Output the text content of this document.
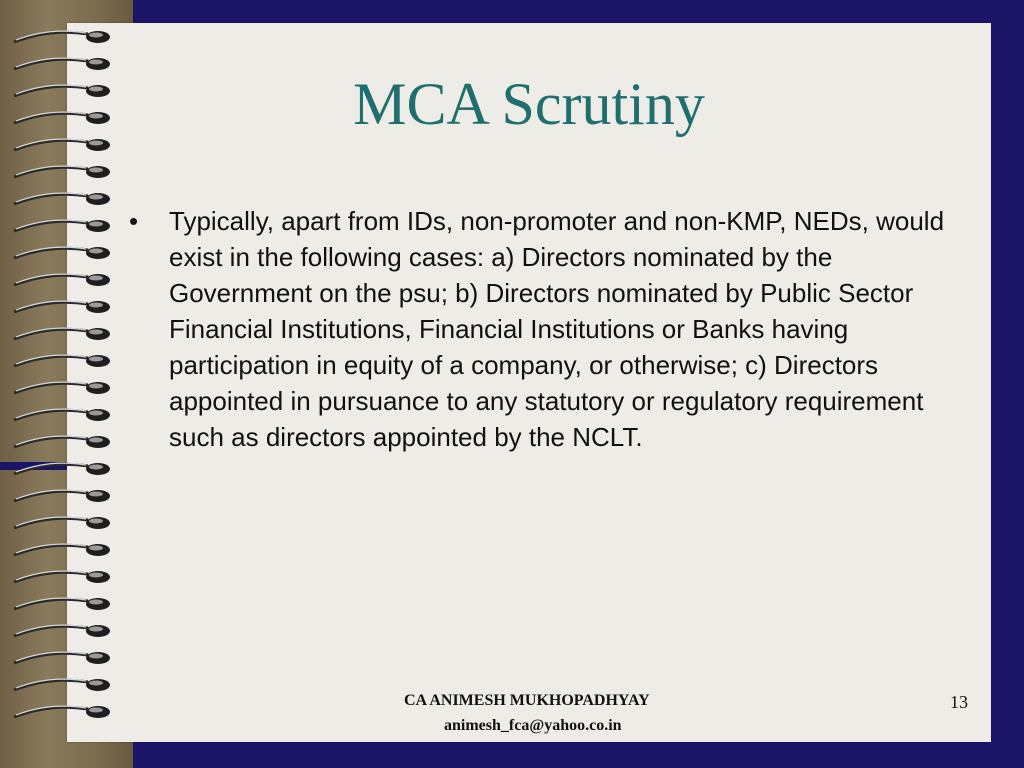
MCA Scrutiny
• Typically, apart from IDs, non-promoter and non-KMP, NEDs, would exist in the following cases: a) Directors nominated by the Government on the psu; b) Directors nominated by Public Sector Financial Institutions, Financial Institutions or Banks having participation in equity of a company, or otherwise; c) Directors appointed in pursuance to any statutory or regulatory requirement such as directors appointed by the NCLT.
CA ANIMESH MUKHOPADHYAY
animesh_fca@yahoo.co.in
13
